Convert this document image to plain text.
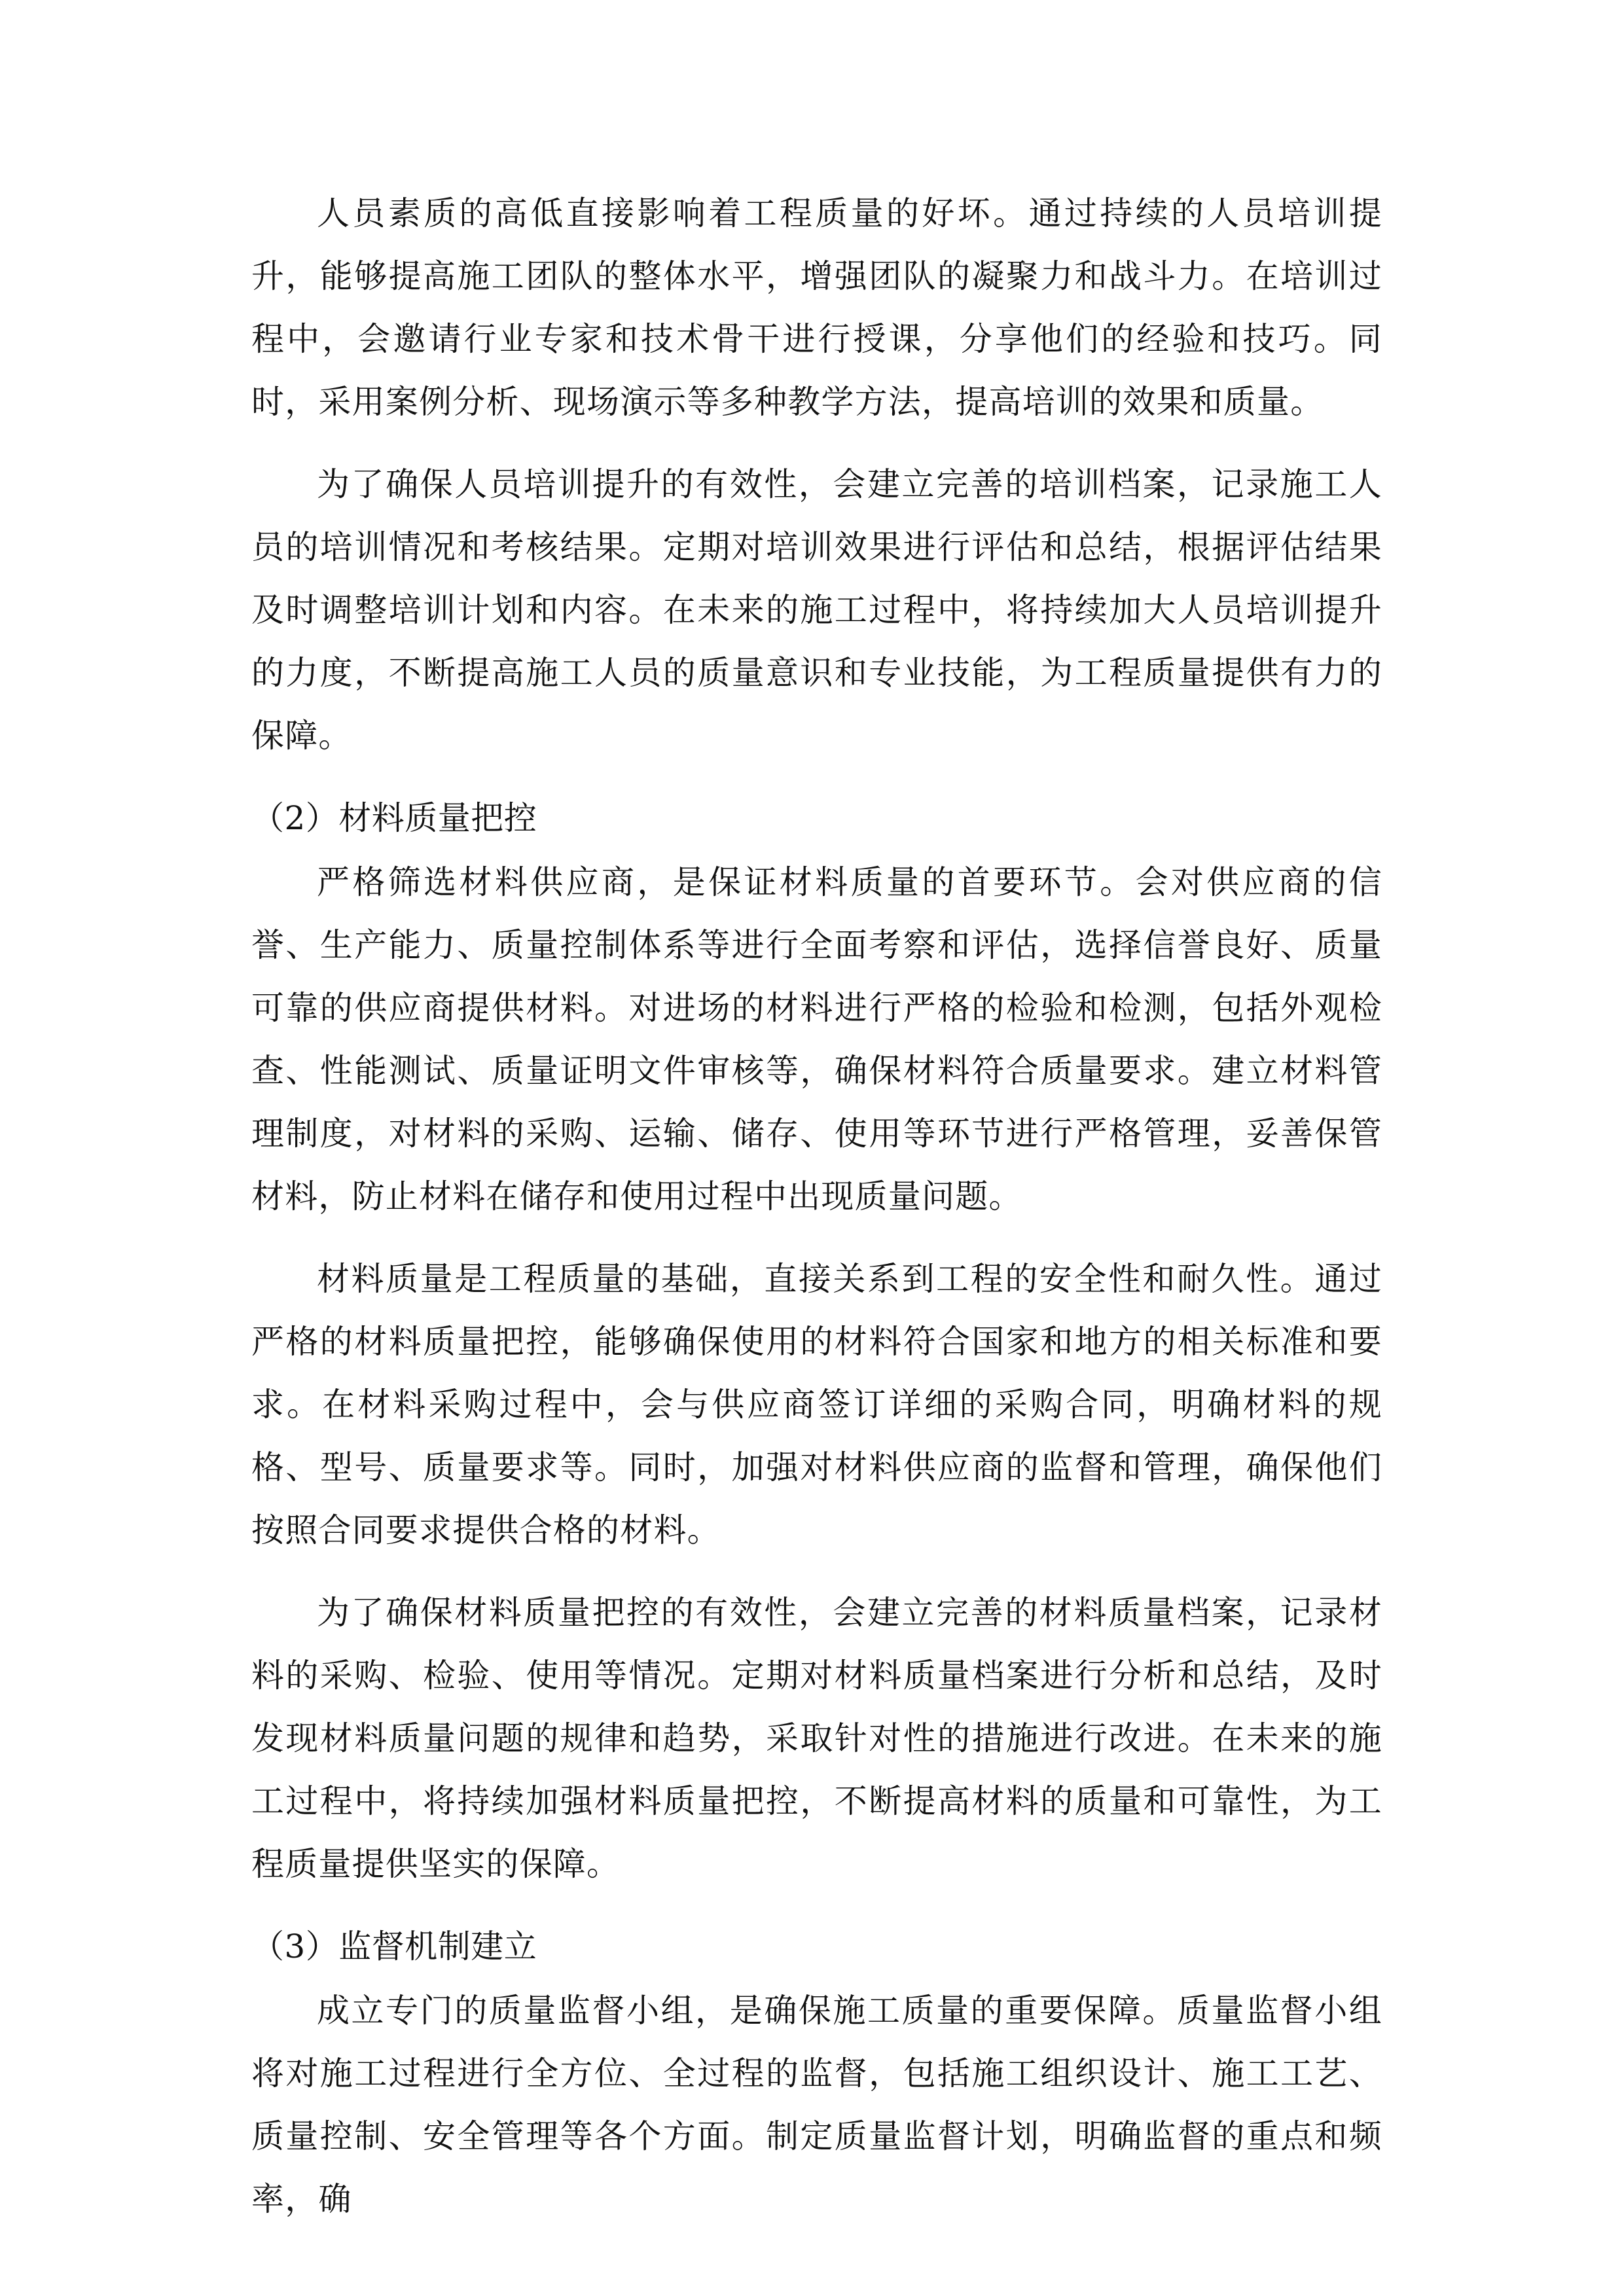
人员素质的高低直接影响着工程质量的好坏。通过持续的人员培训提升，能够提高施工团队的整体水平，增强团队的凝聚力和战斗力。在培训过程中，会邀请行业专家和技术骨干进行授课，分享他们的经验和技巧。同时，采用案例分析、现场演示等多种教学方法，提高培训的效果和质量。

为了确保人员培训提升的有效性，会建立完善的培训档案，记录施工人员的培训情况和考核结果。定期对培训效果进行评估和总结，根据评估结果及时调整培训计划和内容。在未来的施工过程中，将持续加大人员培训提升的力度，不断提高施工人员的质量意识和专业技能，为工程质量提供有力的保障。

（2）材料质量把控

严格筛选材料供应商，是保证材料质量的首要环节。会对供应商的信誉、生产能力、质量控制体系等进行全面考察和评估，选择信誉良好、质量可靠的供应商提供材料。对进场的材料进行严格的检验和检测，包括外观检查、性能测试、质量证明文件审核等，确保材料符合质量要求。建立材料管理制度，对材料的采购、运输、储存、使用等环节进行严格管理，妥善保管材料，防止材料在储存和使用过程中出现质量问题。

材料质量是工程质量的基础，直接关系到工程的安全性和耐久性。通过严格的材料质量把控，能够确保使用的材料符合国家和地方的相关标准和要求。在材料采购过程中，会与供应商签订详细的采购合同，明确材料的规格、型号、质量要求等。同时，加强对材料供应商的监督和管理，确保他们按照合同要求提供合格的材料。

为了确保材料质量把控的有效性，会建立完善的材料质量档案，记录材料的采购、检验、使用等情况。定期对材料质量档案进行分析和总结，及时发现材料质量问题的规律和趋势，采取针对性的措施进行改进。在未来的施工过程中，将持续加强材料质量把控，不断提高材料的质量和可靠性，为工程质量提供坚实的保障。

（3）监督机制建立

成立专门的质量监督小组，是确保施工质量的重要保障。质量监督小组将对施工过程进行全方位、全过程的监督，包括施工组织设计、施工工艺、质量控制、安全管理等各个方面。制定质量监督计划，明确监督的重点和频率，确
